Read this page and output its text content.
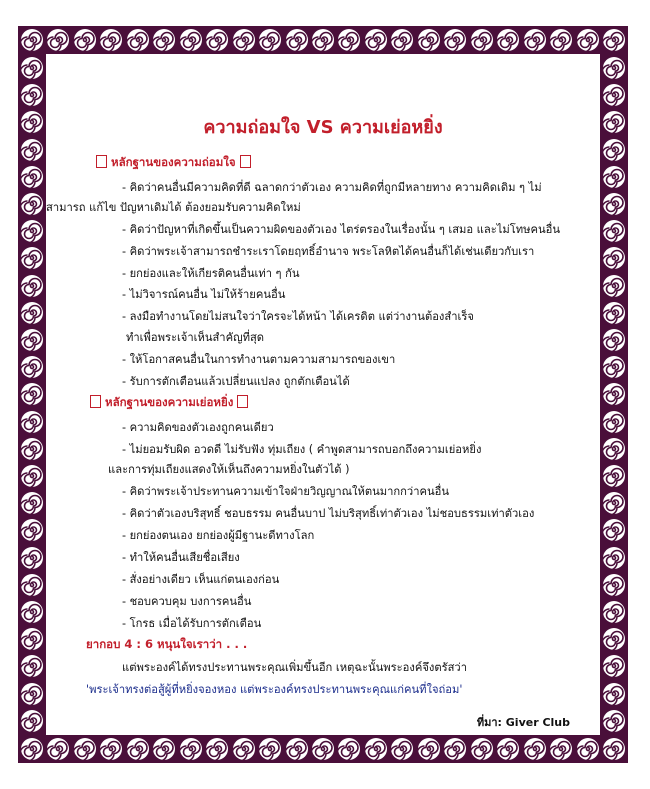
ความถ่อมใจ VS ความเย่อหยิ่ง
หลักฐานของความถ่อมใจ
- คิดว่าคนอื่นมีความคิดที่ดี ฉลาดกว่าตัวเอง ความคิดที่ถูกมีหลายทาง ความคิดเดิม ๆ ไม่
สามารถ แก้ไข ปัญหาเดิมได้ ต้องยอมรับความคิดใหม่
- คิดว่าปัญหาที่เกิดขึ้นเป็นความผิดของตัวเอง ไตร่ตรองในเรื่องนั้น ๆ เสมอ และไม่โทษคนอื่น
- คิดว่าพระเจ้าสามารถชำระเราโดยฤทธิ์อำนาจ พระโลหิตได้คนอื่นก็ได้เช่นเดียวกับเรา
- ยกย่องและให้เกียรติคนอื่นเท่า ๆ กัน
- ไม่วิจารณ์คนอื่น ไม่ให้ร้ายคนอื่น
- ลงมือทำงานโดยไม่สนใจว่าใครจะได้หน้า ได้เครดิต แต่ว่างานต้องสำเร็จ
ทำเพื่อพระเจ้าเห็นสำคัญที่สุด
- ให้โอกาสคนอื่นในการทำงานตามความสามารถของเขา
- รับการตักเตือนแล้วเปลี่ยนแปลง ถูกตักเตือนได้
หลักฐานของความเย่อหยิ่ง
- ความคิดของตัวเองถูกคนเดียว
- ไม่ยอมรับผิด อวดดี ไม่รับฟัง ทุ่มเถียง ( คำพูดสามารถบอกถึงความเย่อหยิ่ง
และการทุ่มเถียงแสดงให้เห็นถึงความหยิ่งในตัวได้ )
- คิดว่าพระเจ้าประทานความเข้าใจฝ่ายวิญญาณให้ตนมากกว่าคนอื่น
- คิดว่าตัวเองบริสุทธิ์ ชอบธรรม คนอื่นบาป ไม่บริสุทธิ์เท่าตัวเอง ไม่ชอบธรรมเท่าตัวเอง
- ยกย่องตนเอง ยกย่องผู้มีฐานะดีทางโลก
- ทำให้คนอื่นเสียชื่อเสียง
- สั่งอย่างเดียว เห็นแก่ตนเองก่อน
- ชอบควบคุม บงการคนอื่น
- โกรธ เมื่อได้รับการตักเตือน
ยากอบ 4 : 6 หนุนใจเราว่า . . .
แต่พระองค์ได้ทรงประทานพระคุณเพิ่มขึ้นอีก เหตุฉะนั้นพระองค์จึงตรัสว่า
'พระเจ้าทรงต่อสู้ผู้ที่หยิ่งจองหอง แต่พระองค์ทรงประทานพระคุณแก่คนที่ใจถ่อม'
ที่มา: Giver Club
